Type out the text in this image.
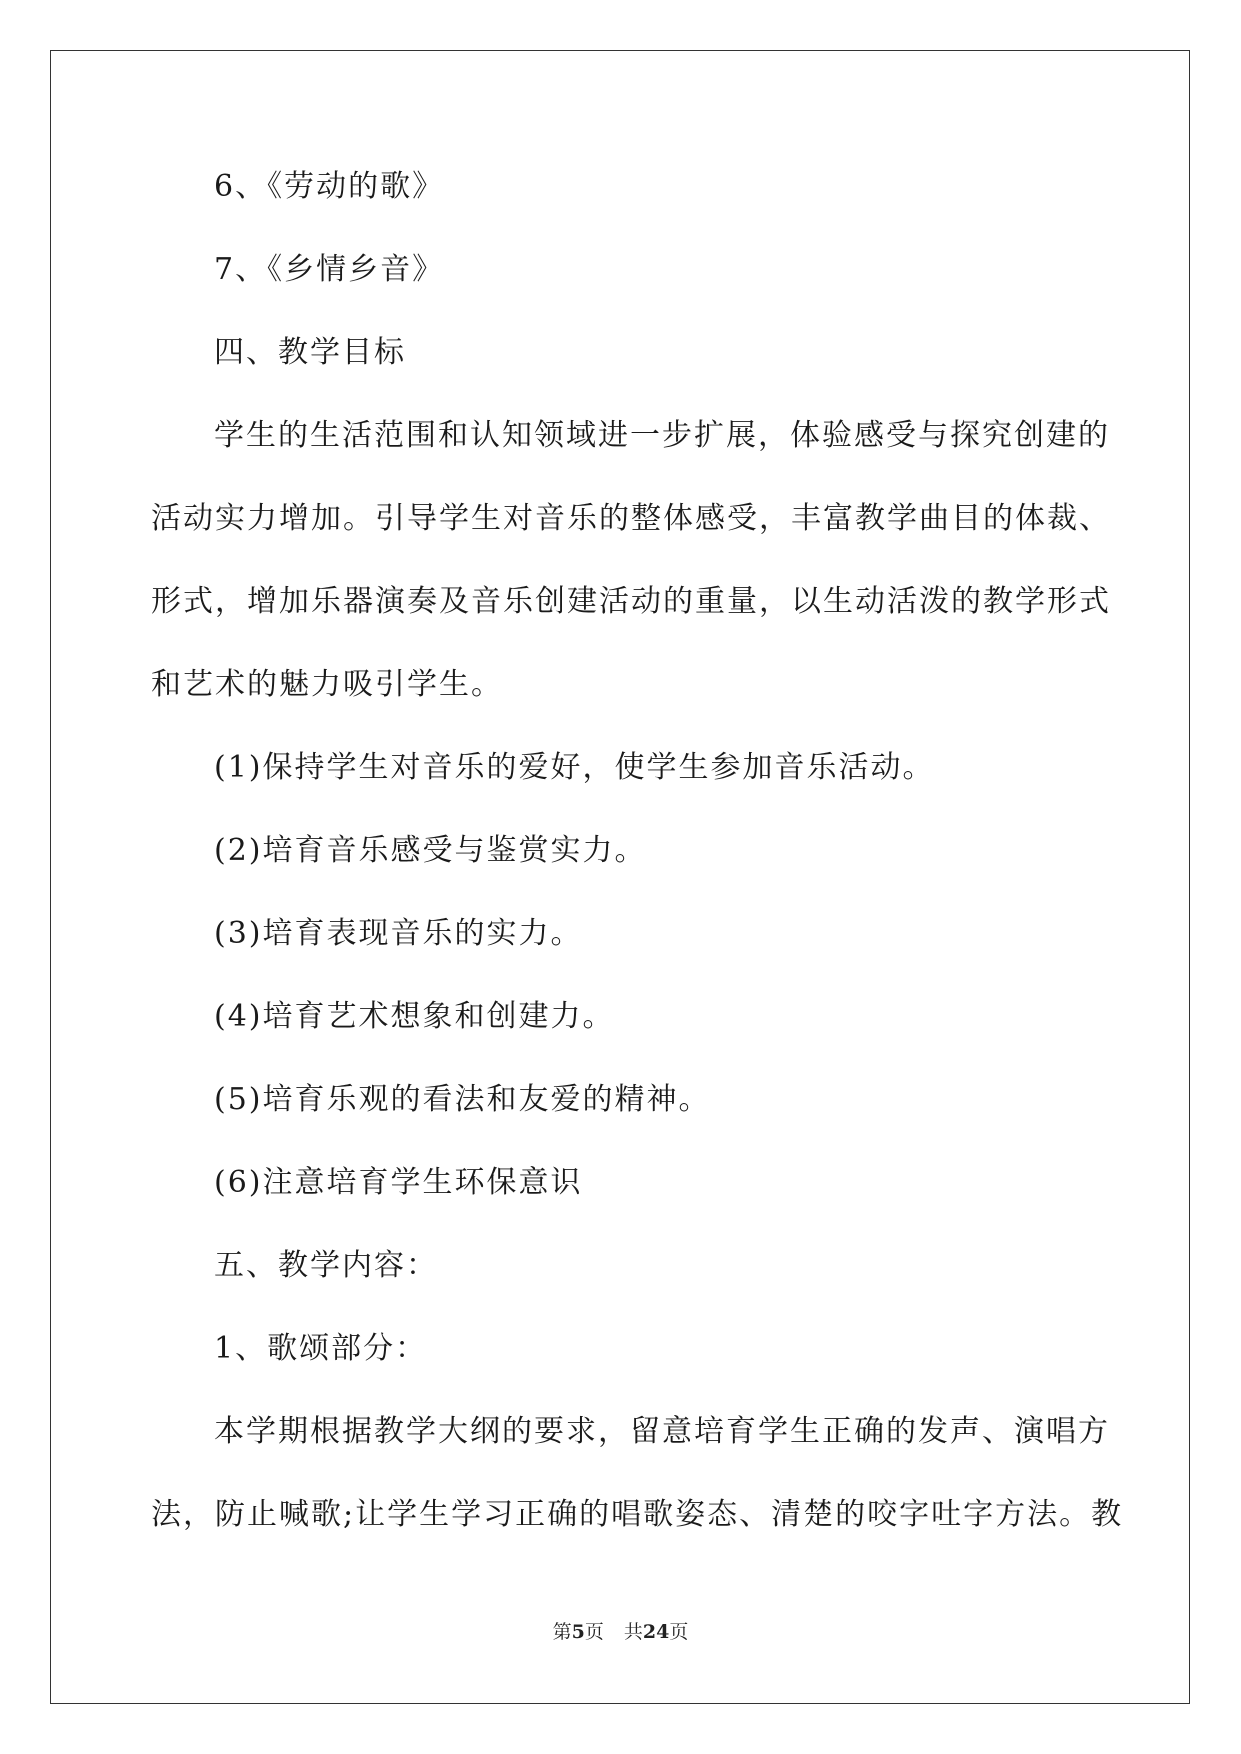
6、《劳动的歌》

7、《乡情乡音》

四、教学目标

学生的生活范围和认知领域进一步扩展，体验感受与探究创建的

活动实力增加。引导学生对音乐的整体感受，丰富教学曲目的体裁、

形式，增加乐器演奏及音乐创建活动的重量，以生动活泼的教学形式

和艺术的魅力吸引学生。

(1)保持学生对音乐的爱好，使学生参加音乐活动。

(2)培育音乐感受与鉴赏实力。

(3)培育表现音乐的实力。

(4)培育艺术想象和创建力。

(5)培育乐观的看法和友爱的精神。

(6)注意培育学生环保意识

五、教学内容：

1、歌颂部分：

本学期根据教学大纲的要求，留意培育学生正确的发声、演唱方

法，防止喊歌;让学生学习正确的唱歌姿态、清楚的咬字吐字方法。教

第5页 共24页
